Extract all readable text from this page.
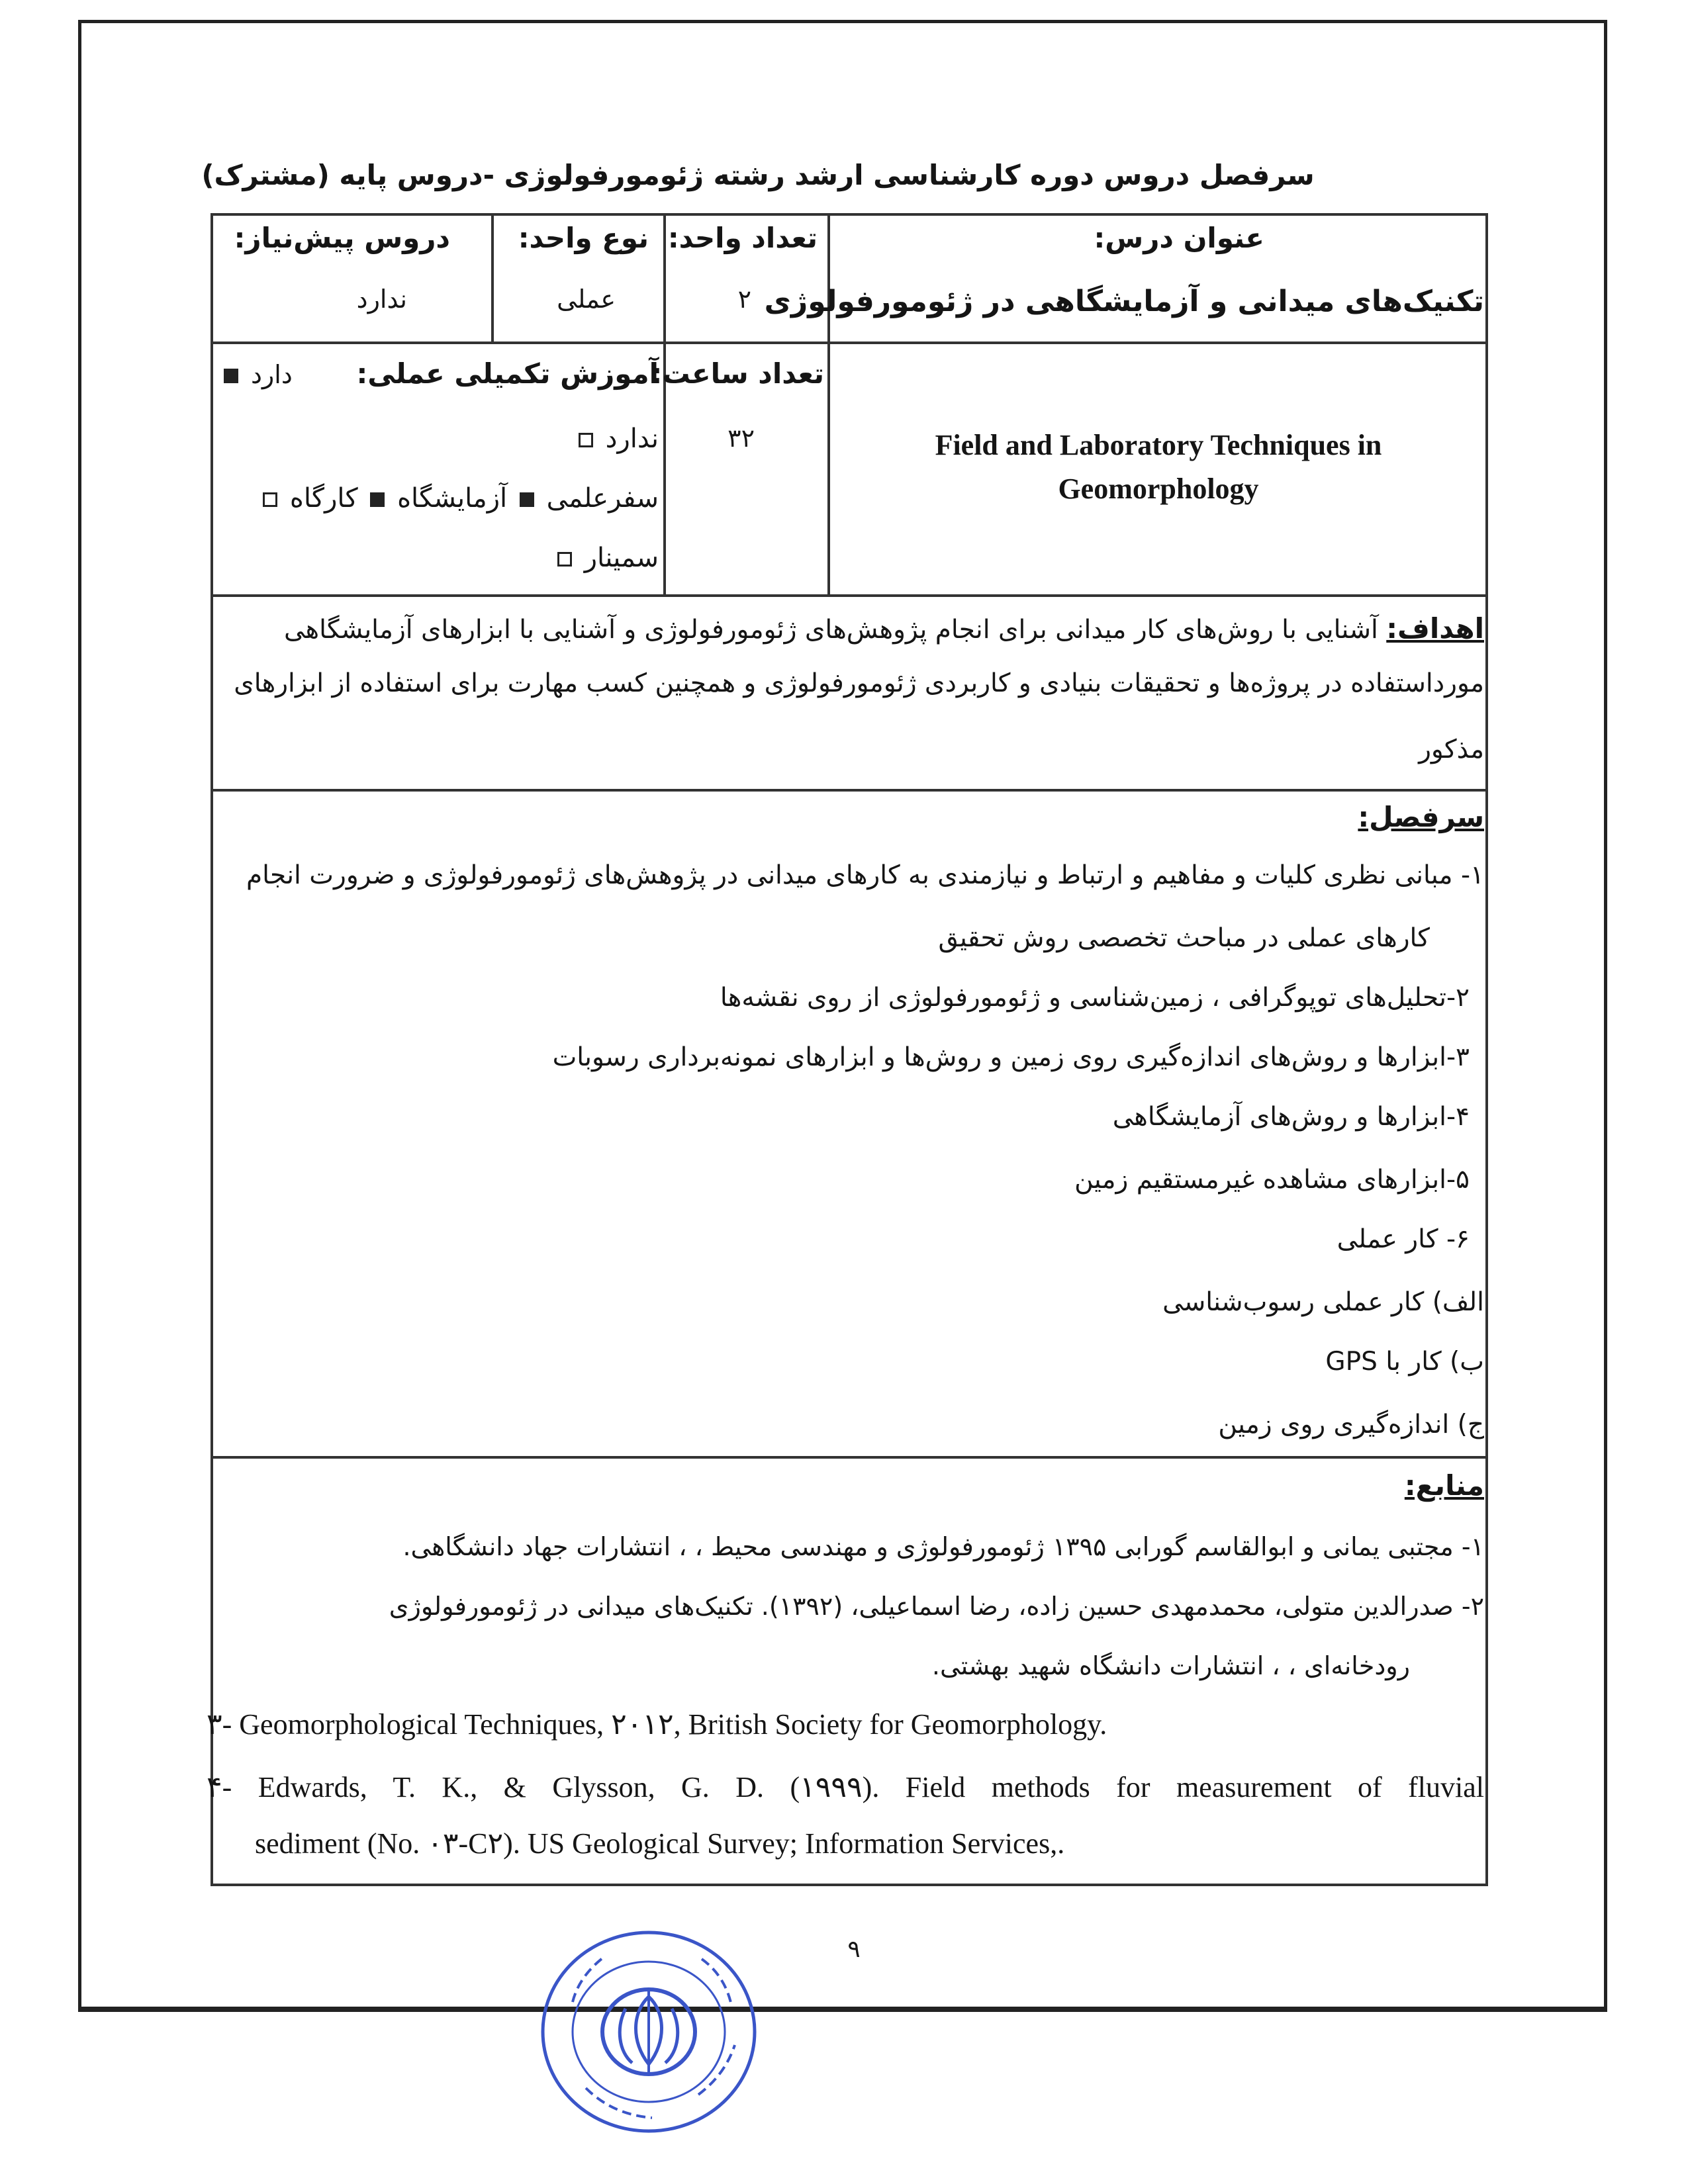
سرفصل دروس دوره کارشناسی ارشد رشته ژئومورفولوژی -دروس پایه (مشترک)
عنوان درس:
تکنیک‌های میدانی و آزمایشگاهی در ژئومورفولوژی
تعداد واحد:
۲
نوع واحد:
عملی
دروس پیش‌نیاز:
ندارد
Field and Laboratory Techniques in
Geomorphology
تعداد ساعت:
۳۲
آموزش تکمیلی عملی:  دارد
ندارد
سفرعلمی  آزمایشگاه  کارگاه
سمینار
اهداف: آشنایی با روش‌های کار میدانی برای انجام پژوهش‌های ژئومورفولوژی و آشنایی با ابزارهای آزمایشگاهی
مورداستفاده در پروژه‌ها و تحقیقات بنیادی و کاربردی ژئومورفولوژی و همچنین کسب مهارت برای استفاده از ابزارهای
مذکور
سرفصل:
۱- مبانی نظری کلیات و مفاهیم و ارتباط و نیازمندی به کارهای میدانی در پژوهش‌های ژئومورفولوژی و ضرورت انجام
کارهای عملی در مباحث تخصصی روش تحقیق
۲-تحلیل‌های توپوگرافی ، زمین‌شناسی و ژئومورفولوژی از روی نقشه‌ها
۳-ابزارها و روش‌های اندازه‌گیری روی زمین و روش‌ها و ابزارهای نمونه‌برداری رسوبات
۴-ابزارها و روش‌های آزمایشگاهی
۵-ابزارهای مشاهده غیرمستقیم زمین
۶- کار عملی
الف) کار عملی رسوب‌شناسی
ب) کار با GPS
ج) اندازه‌گیری روی زمین
منابع:
۱- مجتبی یمانی و ابوالقاسم گورابی ۱۳۹۵ ژئومورفولوژی و مهندسی محیط ، ، انتشارات جهاد دانشگاهی.
۲- صدرالدین متولی، محمدمهدی حسین زاده، رضا اسماعیلی، (۱۳۹۲). تکنیک‌های میدانی در ژئومورفولوژی
رودخانه‌ای ، ، انتشارات دانشگاه شهید بهشتی.
۳- Geomorphological Techniques, ۲۰۱۲, British Society for Geomorphology.
۴- Edwards, T. K., & Glysson, G. D. (۱۹۹۹). Field methods for measurement of fluvial
sediment (No. ۰۳-C۲). US Geological Survey; Information Services,.
۹
